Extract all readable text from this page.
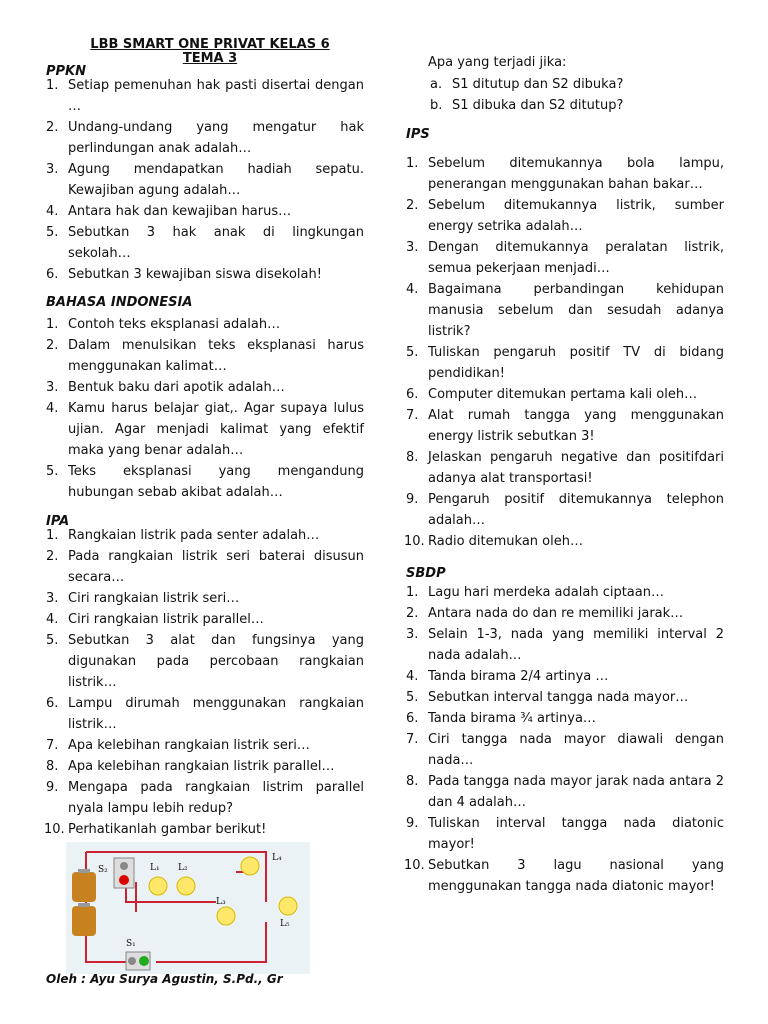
LBB SMART ONE PRIVAT KELAS 6
TEMA 3
PPKN
1. Setiap pemenuhan hak pasti disertai dengan …
2. Undang-undang yang mengatur hak perlindungan anak adalah…
3. Agung mendapatkan hadiah sepatu. Kewajiban agung adalah…
4. Antara hak dan kewajiban harus…
5. Sebutkan 3 hak anak di lingkungan sekolah…
6. Sebutkan 3 kewajiban siswa disekolah!
BAHASA INDONESIA
1. Contoh teks eksplanasi adalah…
2. Dalam menulsikan teks eksplanasi harus menggunakan kalimat…
3. Bentuk baku dari apotik adalah…
4. Kamu harus belajar giat,. Agar supaya lulus ujian. Agar menjadi kalimat yang efektif maka yang benar adalah…
5. Teks eksplanasi yang mengandung hubungan sebab akibat adalah…
IPA
1. Rangkaian listrik pada senter adalah…
2. Pada rangkaian listrik seri baterai disusun secara…
3. Ciri rangkaian listrik seri…
4. Ciri rangkaian listrik parallel…
5. Sebutkan 3 alat dan fungsinya yang digunakan pada percobaan rangkaian listrik…
6. Lampu dirumah menggunakan rangkaian listrik…
7. Apa kelebihan rangkaian listrik seri…
8. Apa kelebihan rangkaian listrik parallel…
9. Mengapa pada rangkaian listrim parallel nyala lampu lebih redup?
10. Perhatikanlah gambar berikut!
S₂
S₁
L₁ L₂
L₃
L₄
L₅
Apa yang terjadi jika:
a. S1 ditutup dan S2 dibuka?
b. S1 dibuka dan S2 ditutup?
IPS
1. Sebelum ditemukannya bola lampu, penerangan menggunakan bahan bakar…
2. Sebelum ditemukannya listrik, sumber energy setrika adalah…
3. Dengan ditemukannya peralatan listrik, semua pekerjaan menjadi…
4. Bagaimana perbandingan kehidupan manusia sebelum dan sesudah adanya listrik?
5. Tuliskan pengaruh positif TV di bidang pendidikan!
6. Computer ditemukan pertama kali oleh…
7. Alat rumah tangga yang menggunakan energy listrik sebutkan 3!
8. Jelaskan pengaruh negative dan positifdari adanya alat transportasi!
9. Pengaruh positif ditemukannya telephon adalah…
10. Radio ditemukan oleh…
SBDP
1. Lagu hari merdeka adalah ciptaan…
2. Antara nada do dan re memiliki jarak…
3. Selain 1-3, nada yang memiliki interval 2 nada adalah…
4. Tanda birama 2/4 artinya …
5. Sebutkan interval tangga nada mayor…
6. Tanda birama ¾ artinya…
7. Ciri tangga nada mayor diawali dengan nada…
8. Pada tangga nada mayor jarak nada antara 2 dan 4 adalah…
9. Tuliskan interval tangga nada diatonic mayor!
10. Sebutkan 3 lagu nasional yang menggunakan tangga nada diatonic mayor!
Oleh : Ayu Surya Agustin, S.Pd., Gr
